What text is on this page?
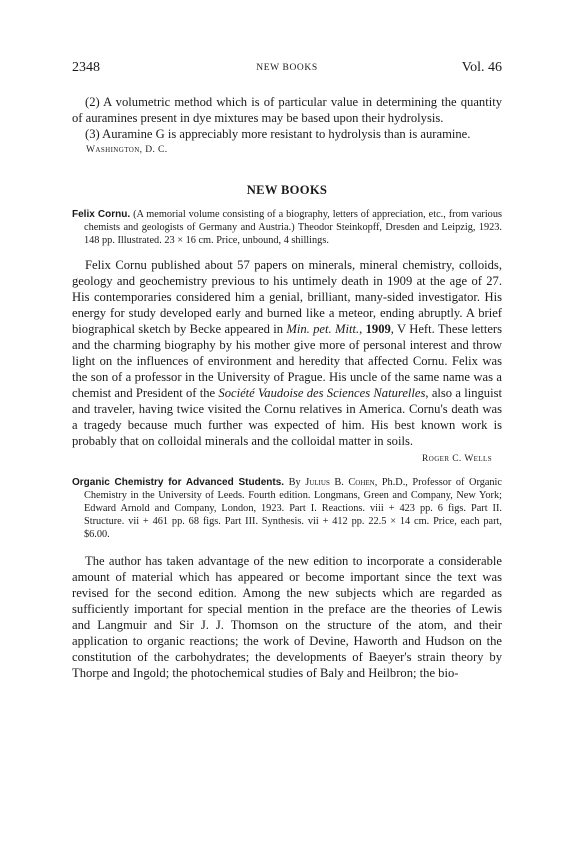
2348	NEW BOOKS	Vol. 46

(2) A volumetric method which is of particular value in determining the quantity of auramines present in dye mixtures may be based upon their hydrolysis.

(3) Auramine G is appreciably more resistant to hydrolysis than is auramine.

Washington, D. C.

NEW BOOKS

Felix Cornu. (A memorial volume consisting of a biography, letters of appreciation, etc., from various chemists and geologists of Germany and Austria.) Theodor Steinkopff, Dresden and Leipzig, 1923. 148 pp. Illustrated. 23 × 16 cm. Price, unbound, 4 shillings.

Felix Cornu published about 57 papers on minerals, mineral chemistry, colloids, geology and geochemistry previous to his untimely death in 1909 at the age of 27. His contemporaries considered him a genial, brilliant, many-sided investigator. His energy for study developed early and burned like a meteor, ending abruptly. A brief biographical sketch by Becke appeared in Min. pet. Mitt., 1909, V Heft. These letters and the charming biography by his mother give more of personal interest and throw light on the influences of environment and heredity that affected Cornu. Felix was the son of a professor in the University of Prague. His uncle of the same name was a chemist and President of the Société Vaudoise des Sciences Naturelles, also a linguist and traveler, having twice visited the Cornu relatives in America. Cornu's death was a tragedy because much further was expected of him. His best known work is probably that on colloidal minerals and the colloidal matter in soils.

Roger C. Wells

Organic Chemistry for Advanced Students. By Julius B. Cohen, Ph.D., Professor of Organic Chemistry in the University of Leeds. Fourth edition. Longmans, Green and Company, New York; Edward Arnold and Company, London, 1923. Part I. Reactions. viii + 423 pp. 6 figs. Part II. Structure. vii + 461 pp. 68 figs. Part III. Synthesis. vii + 412 pp. 22.5 × 14 cm. Price, each part, $6.00.

The author has taken advantage of the new edition to incorporate a considerable amount of material which has appeared or become important since the text was revised for the second edition. Among the new subjects which are regarded as sufficiently important for special mention in the preface are the theories of Lewis and Langmuir and Sir J. J. Thomson on the structure of the atom, and their application to organic reactions; the work of Devine, Haworth and Hudson on the constitution of the carbohydrates; the developments of Baeyer's strain theory by Thorpe and Ingold; the photochemical studies of Baly and Heilbron; the bio-
